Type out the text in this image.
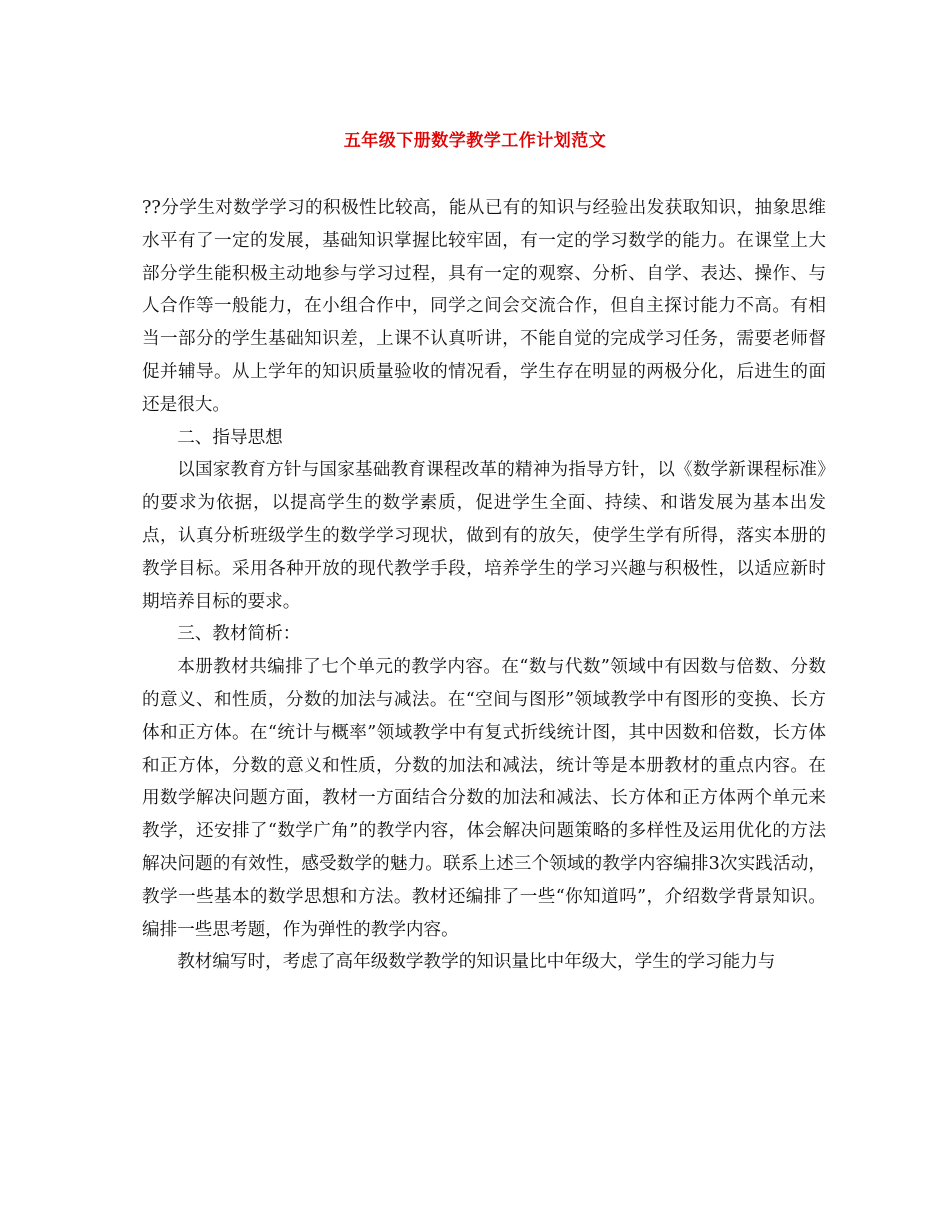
五年级下册数学教学工作计划范文

??分学生对数学学习的积极性比较高，能从已有的知识与经验出发获取知识，抽象思维水平有了一定的发展，基础知识掌握比较牢固，有一定的学习数学的能力。在课堂上大部分学生能积极主动地参与学习过程，具有一定的观察、分析、自学、表达、操作、与人合作等一般能力，在小组合作中，同学之间会交流合作，但自主探讨能力不高。有相当一部分的学生基础知识差，上课不认真听讲，不能自觉的完成学习任务，需要老师督促并辅导。从上学年的知识质量验收的情况看，学生存在明显的两极分化，后进生的面还是很大。

二、指导思想

以国家教育方针与国家基础教育课程改革的精神为指导方针，以《数学新课程标准》的要求为依据，以提高学生的数学素质，促进学生全面、持续、和谐发展为基本出发点，认真分析班级学生的数学学习现状，做到有的放矢，使学生学有所得，落实本册的教学目标。采用各种开放的现代教学手段，培养学生的学习兴趣与积极性，以适应新时期培养目标的要求。

三、教材简析：

本册教材共编排了七个单元的教学内容。在“数与代数”领域中有因数与倍数、分数的意义、和性质，分数的加法与减法。在“空间与图形”领域教学中有图形的变换、长方体和正方体。在“统计与概率”领域教学中有复式折线统计图，其中因数和倍数，长方体和正方体，分数的意义和性质，分数的加法和减法，统计等是本册教材的重点内容。在用数学解决问题方面，教材一方面结合分数的加法和减法、长方体和正方体两个单元来教学，还安排了“数学广角”的教学内容，体会解决问题策略的多样性及运用优化的方法解决问题的有效性，感受数学的魅力。联系上述三个领域的教学内容编排3次实践活动，教学一些基本的数学思想和方法。教材还编排了一些“你知道吗”，介绍数学背景知识。编排一些思考题，作为弹性的教学内容。

教材编写时，考虑了高年级数学教学的知识量比中年级大，学生的学习能力与
